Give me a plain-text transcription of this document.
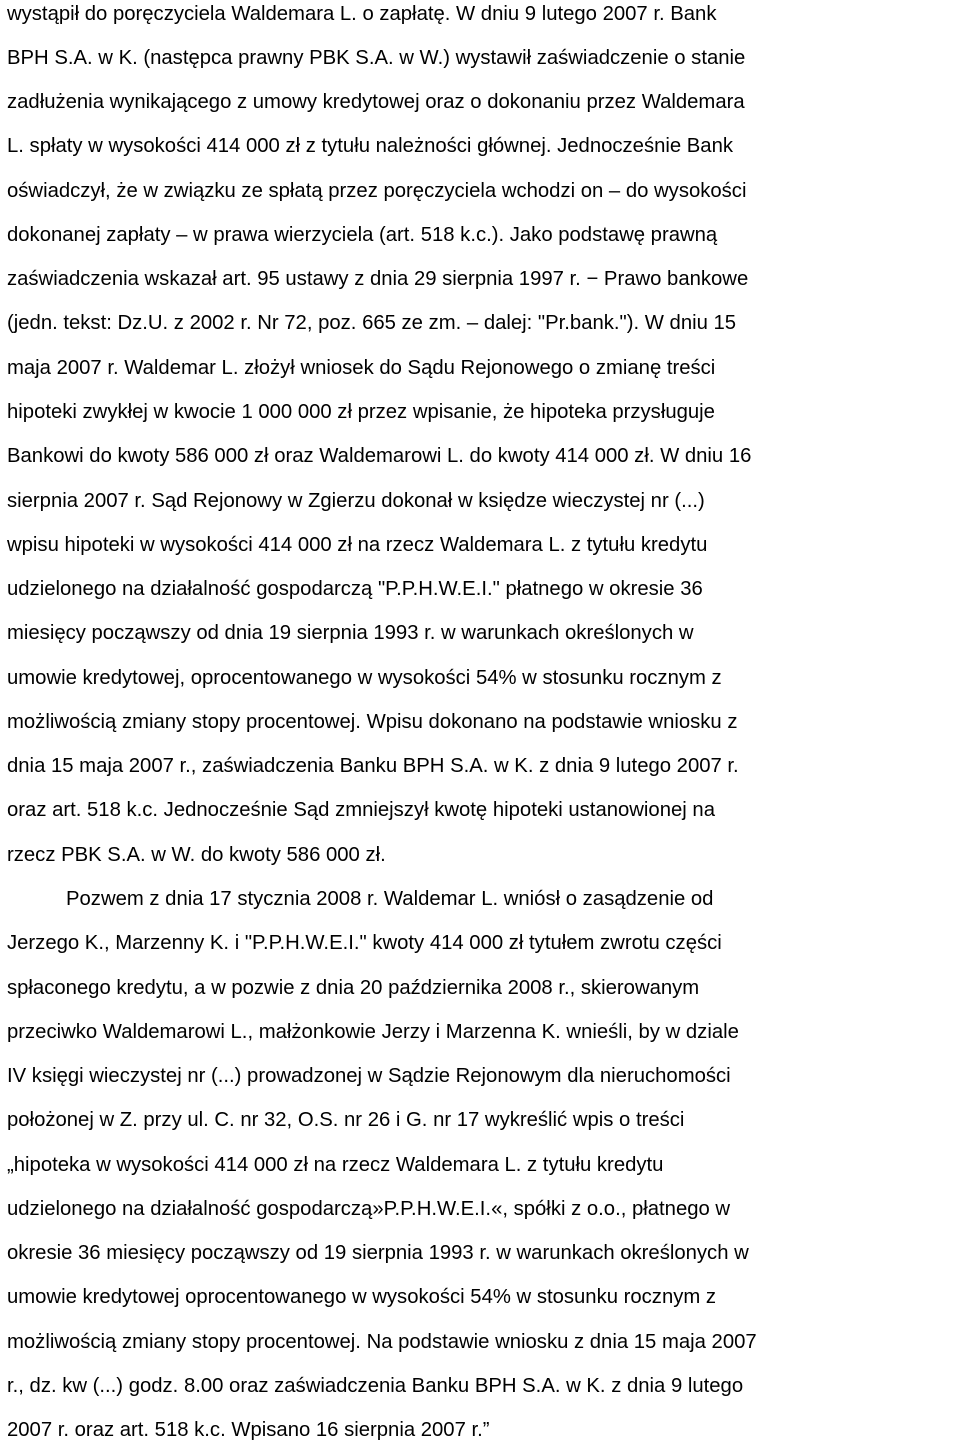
wystąpił do poręczyciela Waldemara L. o zapłatę. W dniu 9 lutego 2007 r. Bank
BPH S.A. w K. (następca prawny PBK S.A. w W.) wystawił zaświadczenie o stanie
zadłużenia wynikającego z umowy kredytowej oraz o dokonaniu przez Waldemara
L. spłaty w wysokości 414 000 zł z tytułu należności głównej. Jednocześnie Bank
oświadczył, że w związku ze spłatą przez poręczyciela wchodzi on – do wysokości
dokonanej zapłaty – w prawa wierzyciela (art. 518 k.c.). Jako podstawę prawną
zaświadczenia wskazał art. 95 ustawy z dnia 29 sierpnia 1997 r. − Prawo bankowe
(jedn. tekst: Dz.U. z 2002 r. Nr 72, poz. 665 ze zm. – dalej: "Pr.bank."). W dniu 15
maja 2007 r. Waldemar L. złożył wniosek do Sądu Rejonowego o zmianę treści
hipoteki zwykłej w kwocie 1 000 000 zł przez wpisanie, że hipoteka przysługuje
Bankowi do kwoty 586 000 zł oraz Waldemarowi L. do kwoty 414 000 zł. W dniu 16
sierpnia 2007 r. Sąd Rejonowy w Zgierzu dokonał w księdze wieczystej nr (...)
wpisu hipoteki w wysokości 414 000 zł na rzecz Waldemara L. z tytułu kredytu
udzielonego na działalność gospodarczą "P.P.H.W.E.I." płatnego w okresie 36
miesięcy począwszy od dnia 19 sierpnia 1993 r. w warunkach określonych w
umowie kredytowej, oprocentowanego w wysokości 54% w stosunku rocznym z
możliwością zmiany stopy procentowej. Wpisu dokonano na podstawie wniosku z
dnia 15 maja 2007 r., zaświadczenia Banku BPH S.A. w K. z dnia 9 lutego 2007 r.
oraz art. 518 k.c. Jednocześnie Sąd zmniejszył kwotę hipoteki ustanowionej na
rzecz PBK S.A. w W. do kwoty 586 000 zł.
Pozwem z dnia 17 stycznia 2008 r. Waldemar L. wniósł o zasądzenie od
Jerzego K., Marzenny K. i "P.P.H.W.E.I." kwoty 414 000 zł tytułem zwrotu części
spłaconego kredytu, a w pozwie z dnia 20 października 2008 r., skierowanym
przeciwko Waldemarowi L., małżonkowie Jerzy i Marzenna K. wnieśli, by w dziale
IV księgi wieczystej nr (...) prowadzonej w Sądzie Rejonowym dla nieruchomości
położonej w Z. przy ul. C. nr 32, O.S. nr 26 i G. nr 17 wykreślić wpis o treści
„hipoteka w wysokości 414 000 zł na rzecz Waldemara L. z tytułu kredytu
udzielonego na działalność gospodarczą»P.P.H.W.E.I.«, spółki z o.o., płatnego w
okresie 36 miesięcy począwszy od 19 sierpnia 1993 r. w warunkach określonych w
umowie kredytowej oprocentowanego w wysokości 54% w stosunku rocznym z
możliwością zmiany stopy procentowej. Na podstawie wniosku z dnia 15 maja 2007
r., dz. kw (...) godz. 8.00 oraz zaświadczenia Banku BPH S.A. w K. z dnia 9 lutego
2007 r. oraz art. 518 k.c. Wpisano 16 sierpnia 2007 r.”
